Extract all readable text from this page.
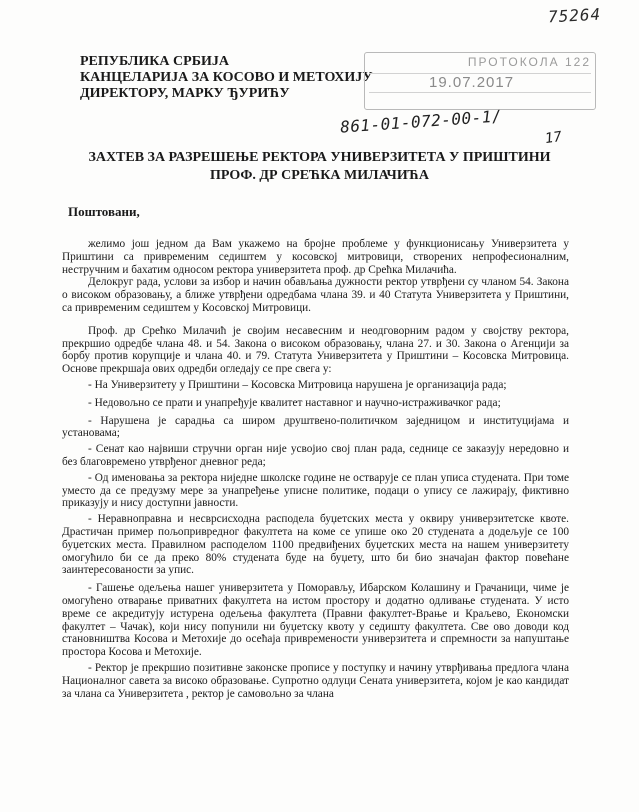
75264
РЕПУБЛИКА СРБИЈА
КАНЦЕЛАРИЈА ЗА КОСОВО И МЕТОХИЈУ
ДИРЕКТОРУ, МАРКУ ЂУРИЋУ
ПРОТОКОЛА 122
19.07.2017
861-01-072-00-1/
17
ЗАХТЕВ ЗА РАЗРЕШЕЊЕ РЕКТОРА УНИВЕРЗИТЕТА У ПРИШТИНИ
ПРОФ. ДР СРЕЋКА МИЛАЧИЋА
Поштовани,

желимо још једном да Вам укажемо на бројне проблеме у функционисању Универзитета у Приштини са привременим седиштем у косовској митровици, створених непрофесионалним, нестручним и бахатим односом ректора универзитета проф. др Срећка Милачића.

Делокруг рада, услови за избор и начин обављања дужности ректор утврђени су чланом 54. Закона о високом образовању, а ближе утврђени одредбама члана 39. и 40 Статута Универзитета у Приштини, са привременим седиштем у Косовској Митровици.

Проф. др Срећко Милачић је својим несавесним и неодговорним радом у својству ректора, прекршио одредбе члана 48. и 54. Закона о високом образовању, члана 27. и 30. Закона о Агенцији за борбу против корупције и члана 40. и 79. Статута Универзитета у Приштини – Косовска Митровица. Основе прекршаја ових одредби огледају се пре свега у:

- На Универзитету у Приштини – Косовска Митровица нарушена је организација рада;

- Недовољно се прати и унапређује квалитет наставног и научно-истраживачког рада;

- Нарушена је сарадња са широм друштвено-политичком заједницом и институцијама и установама;

- Сенат као највиши стручни орган није усвојио свој план рада, седнице се заказују нередовно и без благовременo утврђеног дневног реда;

- Од именовања за ректора ниједне школске године не остварује се план уписа студената. При томе уместо да се предузму мере за унапређење уписне политике, подаци о упису се лажирају, фиктивно приказују и нису доступни јавности.

- Неравноправна и несврсисходна расподела буџетских места у оквиру универзитетске квоте. Драстичан пример пољопривредног факултета на коме се упише око 20 студената а додељује се 100 буџетских места. Правилном расподелом 1100 предвиђених буџетских места на нашем универзитету омогућило би се да преко 80% студената буде на буџету, што би био значајан фактор повећане заинтересованости за упис.

- Гашење одељења нашег универзитета у Поморављу, Ибарском Колашину и Грачаници, чиме је омогућено отварање приватних факултета на истом простору и додатно одливање студената. У исто време се акредитују истурена одељења факултета (Правни факултет-Врање и Краљево, Економски факултет – Чачак), који нису попунили ни буџетску квоту у седишту факултета. Све ово доводи код становништва Косова и Метохије до осећаја привремености универзитета и спремности за напуштање простора Косова и Метохије.

- Ректор је прекршио позитивне законске прописе у поступку и начину утврђивања предлога члана Националног савета за високо образовање. Супротно одлуци Сената универзитета, којом је као кандидат за члана са Универзитета , ректор је самовољно за члана
